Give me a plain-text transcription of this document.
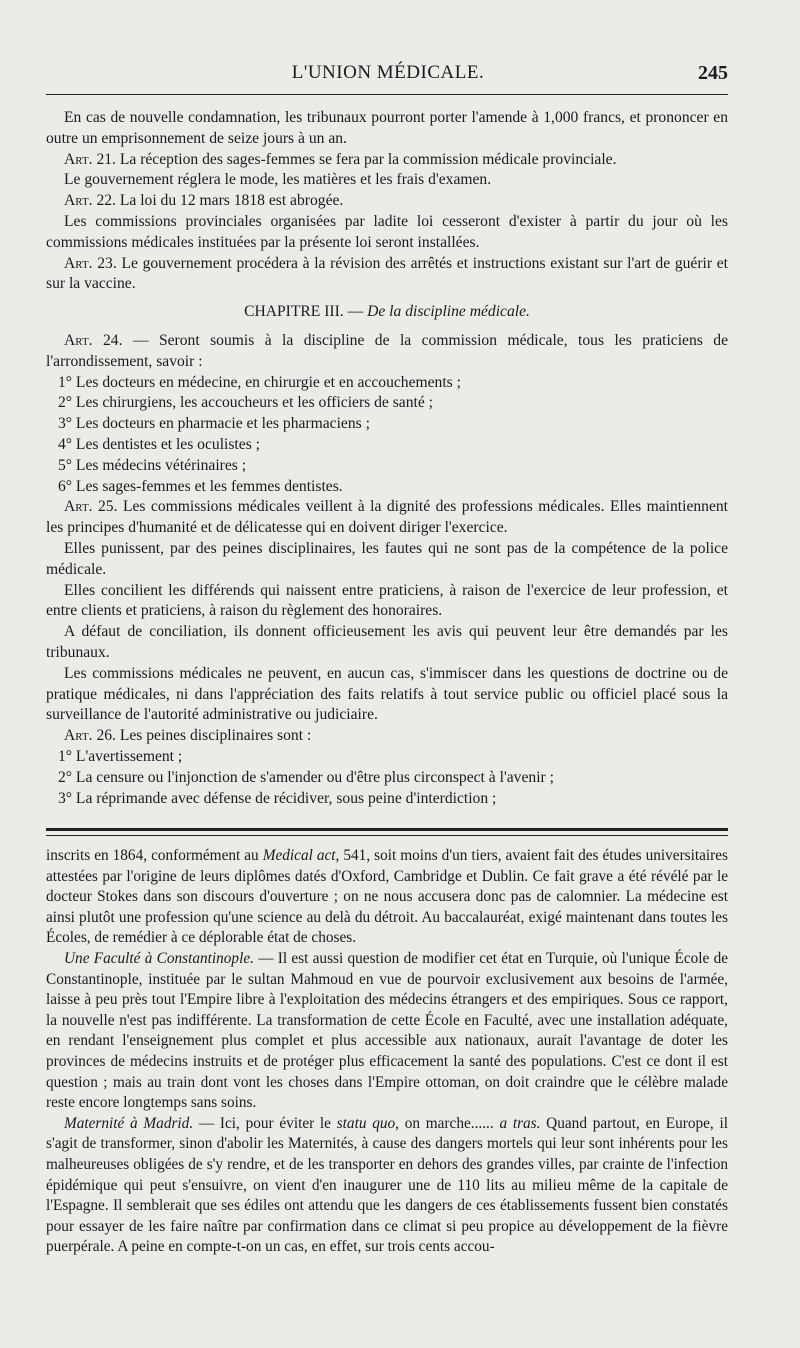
L'UNION MÉDICALE.	245

En cas de nouvelle condamnation, les tribunaux pourront porter l'amende à 1,000 francs, et prononcer en outre un emprisonnement de seize jours à un an.

Art. 21. La réception des sages-femmes se fera par la commission médicale provinciale.

Le gouvernement réglera le mode, les matières et les frais d'examen.

Art. 22. La loi du 12 mars 1818 est abrogée.

Les commissions provinciales organisées par ladite loi cesseront d'exister à partir du jour où les commissions médicales instituées par la présente loi seront installées.

Art. 23. Le gouvernement procédera à la révision des arrêtés et instructions existant sur l'art de guérir et sur la vaccine.

CHAPITRE III. — De la discipline médicale.

Art. 24. — Seront soumis à la discipline de la commission médicale, tous les praticiens de l'arrondissement, savoir :

1° Les docteurs en médecine, en chirurgie et en accouchements ;

2° Les chirurgiens, les accoucheurs et les officiers de santé ;

3° Les docteurs en pharmacie et les pharmaciens ;

4° Les dentistes et les oculistes ;

5° Les médecins vétérinaires ;

6° Les sages-femmes et les femmes dentistes.

Art. 25. Les commissions médicales veillent à la dignité des professions médicales. Elles maintiennent les principes d'humanité et de délicatesse qui en doivent diriger l'exercice.

Elles punissent, par des peines disciplinaires, les fautes qui ne sont pas de la compétence de la police médicale.

Elles concilient les différends qui naissent entre praticiens, à raison de l'exercice de leur profession, et entre clients et praticiens, à raison du règlement des honoraires.

A défaut de conciliation, ils donnent officieusement les avis qui peuvent leur être demandés par les tribunaux.

Les commissions médicales ne peuvent, en aucun cas, s'immiscer dans les questions de doctrine ou de pratique médicales, ni dans l'appréciation des faits relatifs à tout service public ou officiel placé sous la surveillance de l'autorité administrative ou judiciaire.

Art. 26. Les peines disciplinaires sont :

1° L'avertissement ;

2° La censure ou l'injonction de s'amender ou d'être plus circonspect à l'avenir ;

3° La réprimande avec défense de récidiver, sous peine d'interdiction ;

inscrits en 1864, conformément au Medical act, 541, soit moins d'un tiers, avaient fait des études universitaires attestées par l'origine de leurs diplômes datés d'Oxford, Cambridge et Dublin. Ce fait grave a été révélé par le docteur Stokes dans son discours d'ouverture ; on ne nous accusera donc pas de calomnier. La médecine est ainsi plutôt une profession qu'une science au delà du détroit. Au baccalauréat, exigé maintenant dans toutes les Écoles, de remédier à ce déplorable état de choses.

Une Faculté à Constantinople. — Il est aussi question de modifier cet état en Turquie, où l'unique École de Constantinople, instituée par le sultan Mahmoud en vue de pourvoir exclusivement aux besoins de l'armée, laisse à peu près tout l'Empire libre à l'exploitation des médecins étrangers et des empiriques. Sous ce rapport, la nouvelle n'est pas indifférente. La transformation de cette École en Faculté, avec une installation adéquate, en rendant l'enseignement plus complet et plus accessible aux nationaux, aurait l'avantage de doter les provinces de médecins instruits et de protéger plus efficacement la santé des populations. C'est ce dont il est question ; mais au train dont vont les choses dans l'Empire ottoman, on doit craindre que le célèbre malade reste encore longtemps sans soins.

Maternité à Madrid. — Ici, pour éviter le statu quo, on marche...... a tras. Quand partout, en Europe, il s'agit de transformer, sinon d'abolir les Maternités, à cause des dangers mortels qui leur sont inhérents pour les malheureuses obligées de s'y rendre, et de les transporter en dehors des grandes villes, par crainte de l'infection épidémique qui peut s'ensuivre, on vient d'en inaugurer une de 110 lits au milieu même de la capitale de l'Espagne. Il semblerait que ses édiles ont attendu que les dangers de ces établissements fussent bien constatés pour essayer de les faire naître par confirmation dans ce climat si peu propice au développement de la fièvre puerpérale. A peine en compte-t-on un cas, en effet, sur trois cents accou-
